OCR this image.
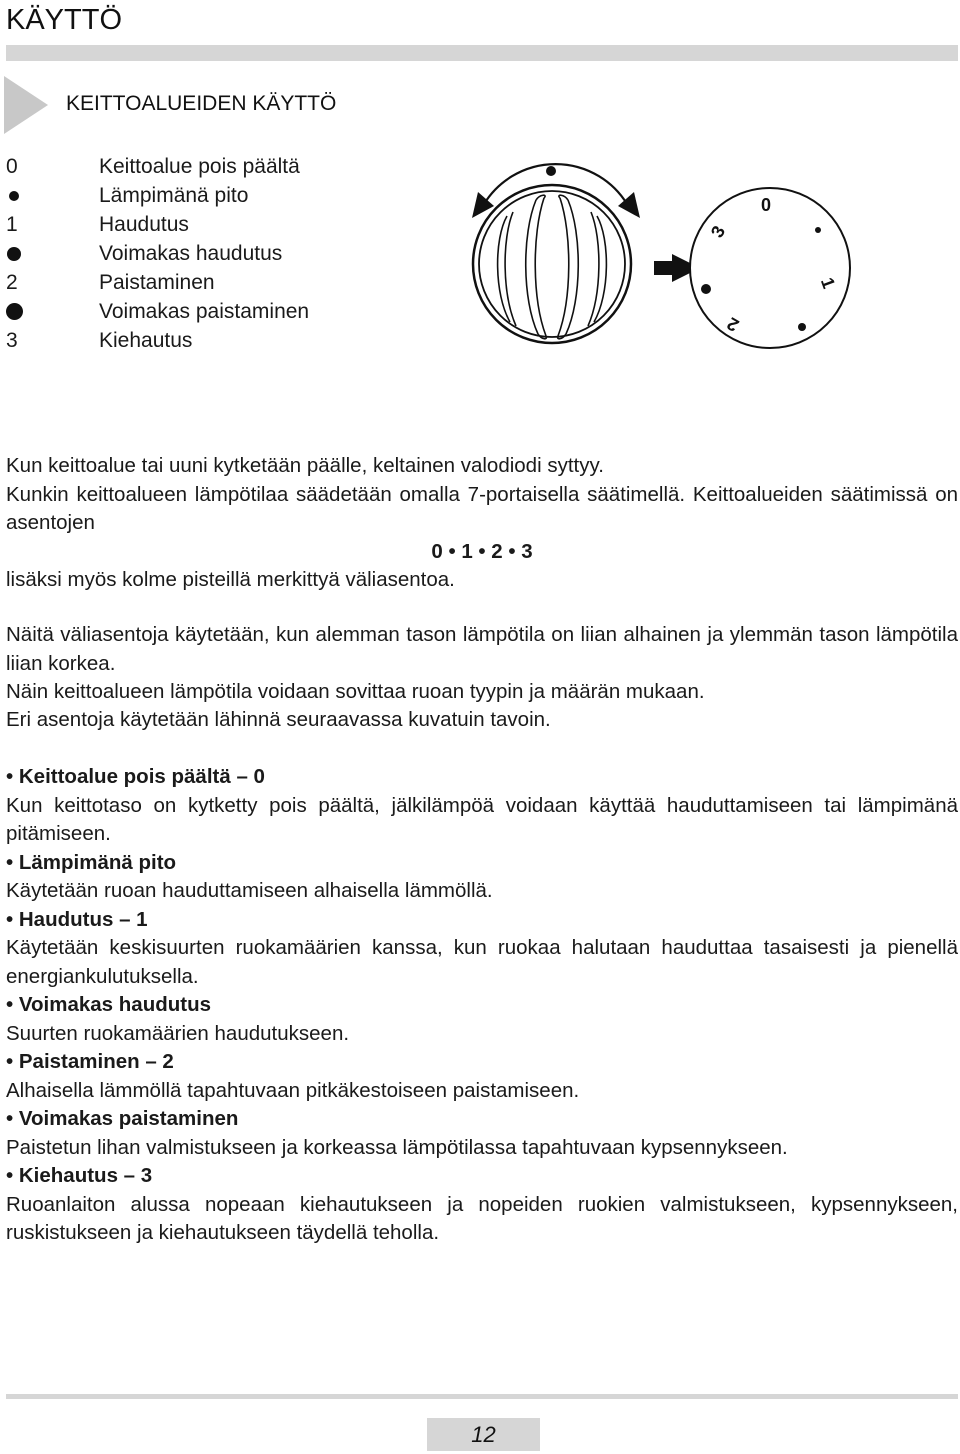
KÄYTTÖ
KEITTOALUEIDEN KÄYTTÖ
0	Keittoalue pois päältä
Lämpimänä pito
1	Haudutus
Voimakas haudutus
2	Paistaminen
Voimakas paistaminen
3	Kiehautus
0
3
1
2
Kun keittoalue tai uuni kytketään päälle, keltainen valodiodi syttyy.
Kunkin keittoalueen lämpötilaa säädetään omalla 7-portaisella säätimellä. Keittoalueiden säätimissä on asentojen
0 • 1 • 2 • 3
lisäksi myös kolme pisteillä merkittyä väliasentoa.
Näitä väliasentoja käytetään, kun alemman tason lämpötila on liian alhainen ja ylemmän tason lämpötila liian korkea.
Näin keittoalueen lämpötila voidaan sovittaa ruoan tyypin ja määrän mukaan.
Eri asentoja käytetään lähinnä seuraavassa kuvatuin tavoin.
• Keittoalue pois päältä – 0
Kun keittotaso on kytketty pois päältä, jälkilämpöä voidaan käyttää hauduttamiseen tai lämpimänä pitämiseen.
• Lämpimänä pito
Käytetään ruoan hauduttamiseen alhaisella lämmöllä.
• Haudutus – 1
Käytetään keskisuurten ruokamäärien kanssa, kun ruokaa halutaan hauduttaa tasaisesti ja pienellä energiankulutuksella.
• Voimakas haudutus
Suurten ruokamäärien haudutukseen.
• Paistaminen – 2
Alhaisella lämmöllä tapahtuvaan pitkäkestoiseen paistamiseen.
• Voimakas paistaminen
Paistetun lihan valmistukseen ja korkeassa lämpötilassa tapahtuvaan kypsennykseen.
• Kiehautus – 3
Ruoanlaiton alussa nopeaan kiehautukseen ja nopeiden ruokien valmistukseen, kypsennykseen, ruskistukseen ja kiehautukseen täydellä teholla.
12
